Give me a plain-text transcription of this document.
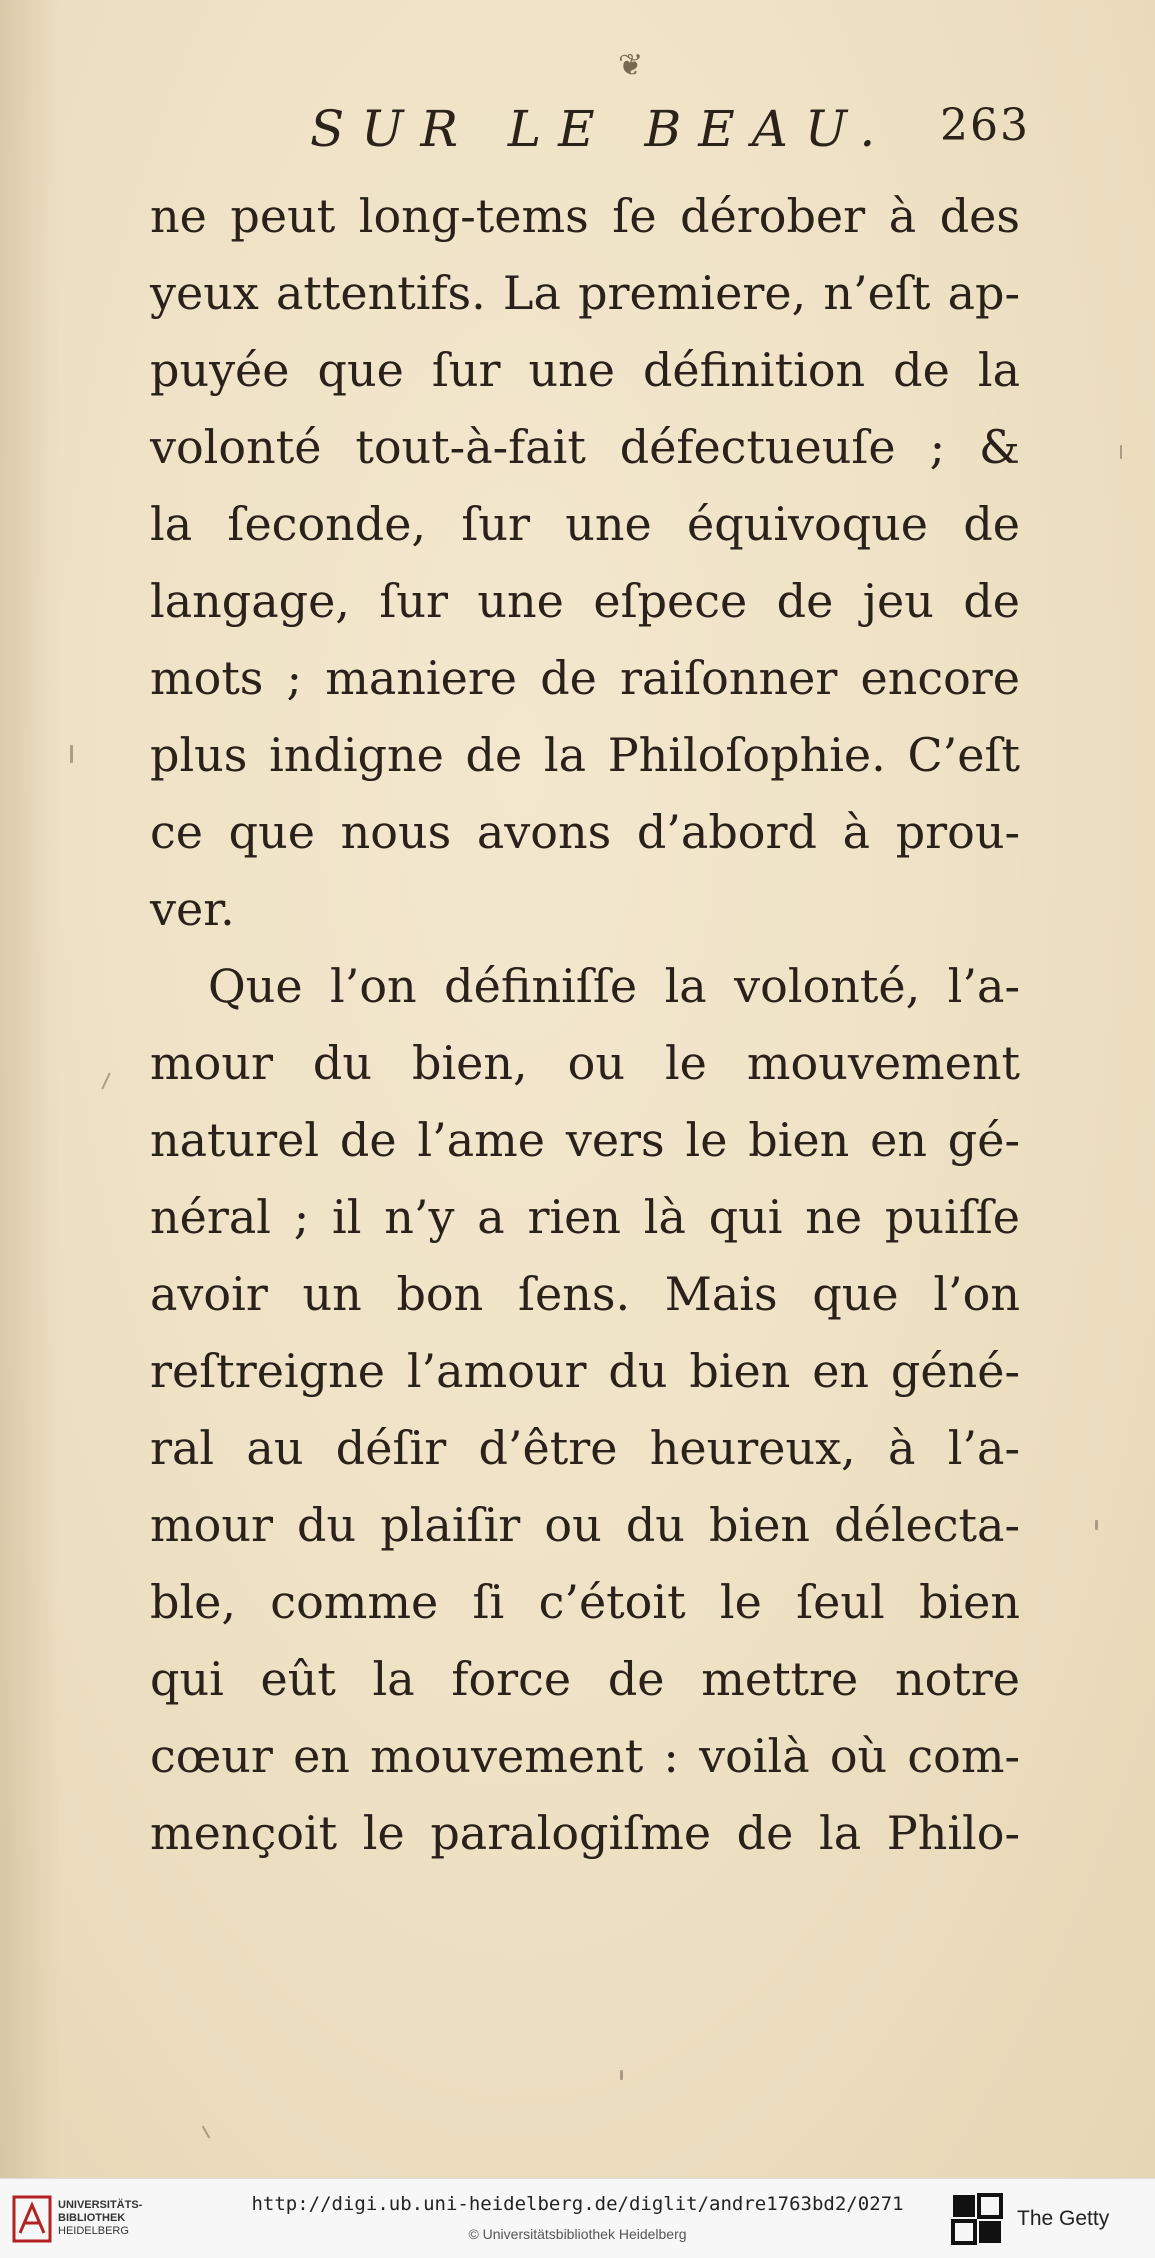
❦
SUR LE BEAU. 263
ne peut long-tems ſe dérober à des
yeux attentifs. La premiere, n’eſt ap-
puyée que ſur une définition de la
volonté tout-à-fait défectueuſe ; &
la ſeconde, ſur une équivoque de
langage, ſur une eſpece de jeu de
mots ; maniere de raiſonner encore
plus indigne de la Philoſophie. C’eſt
ce que nous avons d’abord à prou-
ver.
Que l’on définiſſe la volonté, l’a-
mour du bien, ou le mouvement
naturel de l’ame vers le bien en gé-
néral ; il n’y a rien là qui ne puiſſe
avoir un bon ſens. Mais que l’on
reſtreigne l’amour du bien en géné-
ral au déſir d’être heureux, à l’a-
mour du plaiſir ou du bien délecta-
ble, comme ſi c’étoit le ſeul bien
qui eût la force de mettre notre
cœur en mouvement : voilà où com-
mençoit le paralogiſme de la Philo-
UNIVERSITÄTS-
BIBLIOTHEK
HEIDELBERG
http://digi.ub.uni-heidelberg.de/diglit/andre1763bd2/0271
© Universitätsbibliothek Heidelberg
The Getty
